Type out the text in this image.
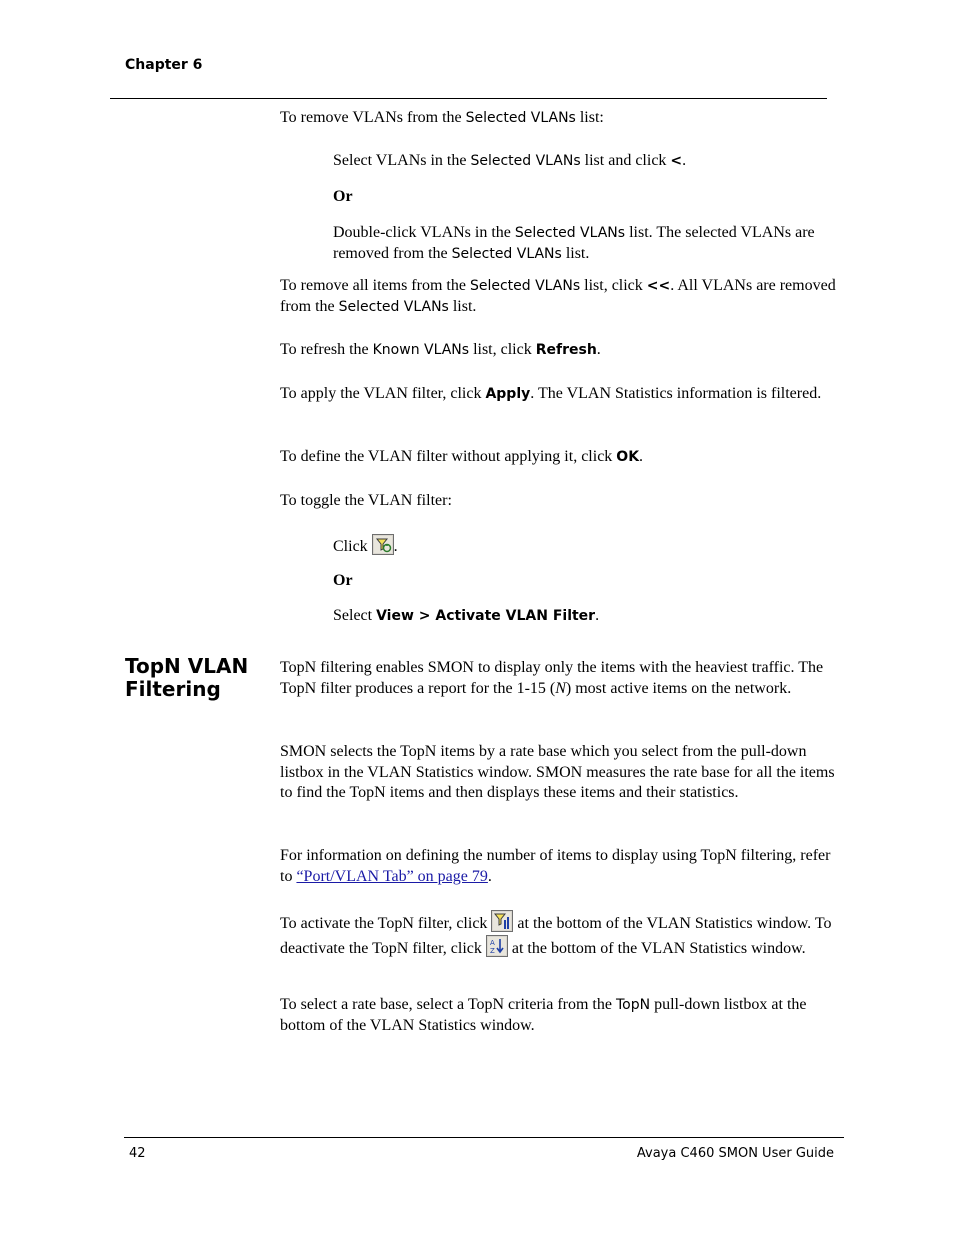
Chapter 6

To remove VLANs from the Selected VLANs list:

Select VLANs in the Selected VLANs list and click <.

Or

Double-click VLANs in the Selected VLANs list. The selected VLANs are removed from the Selected VLANs list.

To remove all items from the Selected VLANs list, click <<. All VLANs are removed from the Selected VLANs list.

To refresh the Known VLANs list, click Refresh.

To apply the VLAN filter, click Apply. The VLAN Statistics information is filtered.

To define the VLAN filter without applying it, click OK.

To toggle the VLAN filter:

Click
.

Or

Select View > Activate VLAN Filter.

TopN VLAN Filtering

TopN filtering enables SMON to display only the items with the heaviest traffic. The TopN filter produces a report for the 1-15 (N) most active items on the network.

SMON selects the TopN items by a rate base which you select from the pull-down listbox in the VLAN Statistics window. SMON measures the rate base for all the items to find the TopN items and then displays these items and their statistics.

For information on defining the number of items to display using TopN filtering, refer to “Port/VLAN Tab” on page 79.

To activate the TopN filter, click
at the bottom of the VLAN Statistics window. To deactivate the TopN filter, click A
Z at the bottom of the VLAN Statistics window.

To select a rate base, select a TopN criteria from the TopN pull-down listbox at the bottom of the VLAN Statistics window.

42	Avaya C460 SMON User Guide
